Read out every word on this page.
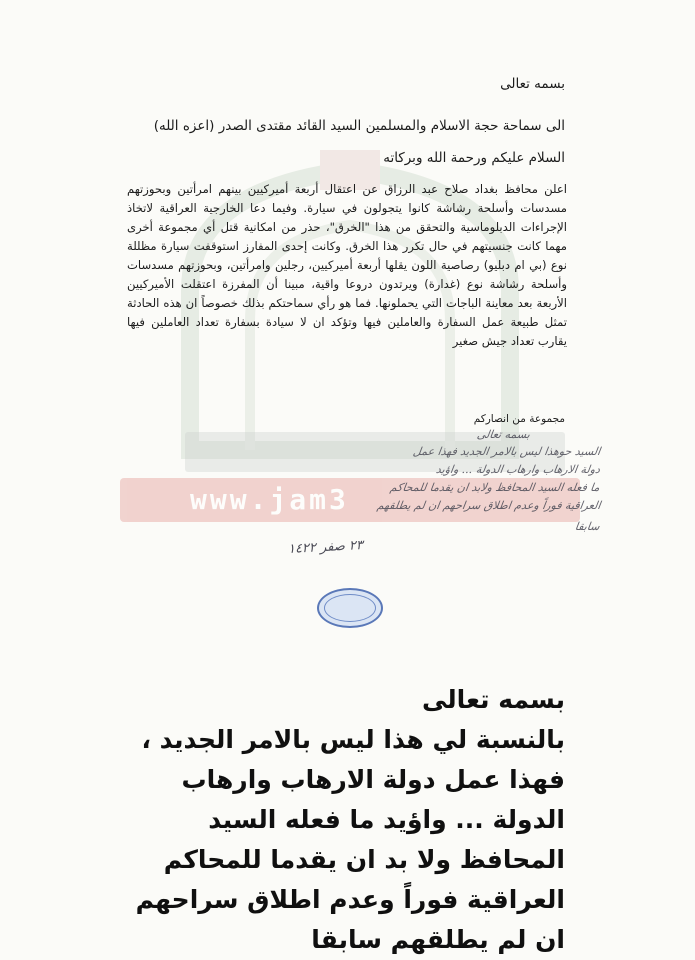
www.jam3
بسمه تعالى
الى سماحة حجة الاسلام والمسلمين السيد القائد مقتدى الصدر (اعزه الله)
السلام عليكم ورحمة الله وبركاته
اعلن محافظ بغداد صلاح عبد الرزاق عن اعتقال أربعة أميركيين بينهم امرأتين وبحوزتهم مسدسات وأسلحة رشاشة كانوا يتجولون في سيارة. وفيما دعا الخارجية العراقية لاتخاذ الإجراءات الدبلوماسية والتحقق من هذا "الخرق"، حذر من امكانية قتل أي مجموعة أخرى مهما كانت جنسيتهم في حال تكرر هذا الخرق. وكانت إحدى المفارز استوقفت سيارة مظللة نوع (بي ام دبليو) رصاصية اللون يقلها أربعة أميركيين، رجلين وامرأتين، وبحوزتهم مسدسات وأسلحة رشاشة نوع (غدارة) ويرتدون دروعا واقية، مبينا أن المفرزة اعتقلت الأميركيين الأربعة بعد معاينة الباجات التي يحملونها. فما هو رأي سماحتكم بذلك خصوصاً ان هذه الحادثة تمثل طبيعة عمل السفارة والعاملين فيها وتؤكد ان لا سيادة بسفارة تعداد العاملين فيها يقارب تعداد جيش صغير
مجموعة من انصاركم
بسمه تعالى
السيد حوهذا ليس بالامر الجديد فهذا عمل
دولة الارهاب وارهاب الدولة ... واؤيد
ما فعله السيد المحافظ ولابد ان يقدما للمحاكم
العراقية فوراً وعدم اطلاق سراحهم ان لم يطلقهم
سابقا
٢٣ صفر ١٤٢٢
بسمه تعالى
بالنسبة لي هذا ليس بالامر الجديد ، فهذا عمل دولة الارهاب وارهاب الدولة ... واؤيد ما فعله السيد المحافظ ولا بد ان يقدما للمحاكم العراقية فوراً وعدم اطلاق سراحهم ان لم يطلقهم سابقا
